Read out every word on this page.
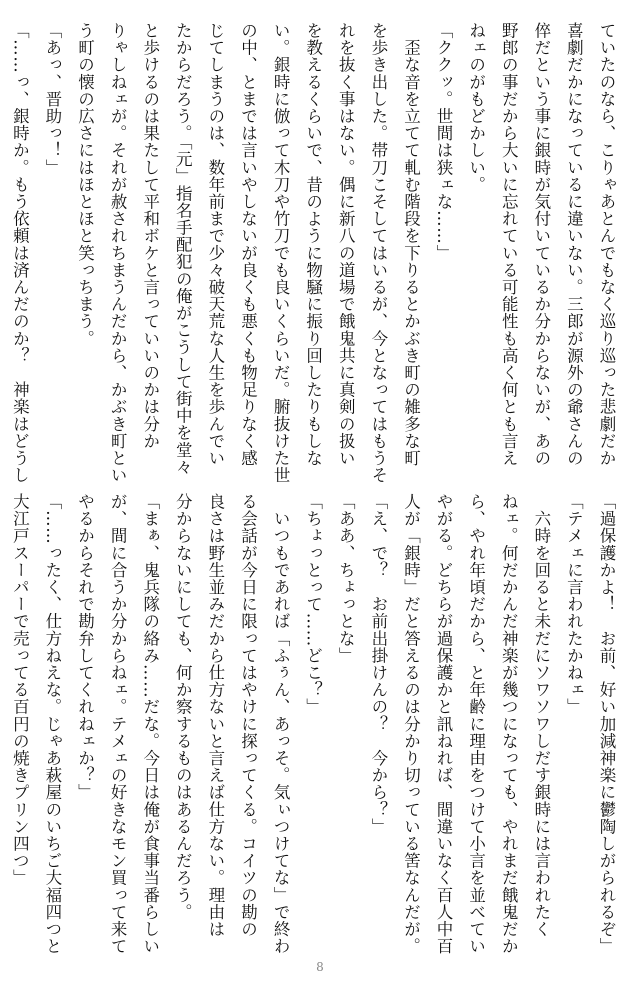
ていたのなら、こりゃあとんでもなく巡り巡った悲劇だか
喜劇だかになっているに違いない。三郎が源外の爺さんの
倅だという事に銀時が気付いているか分からないが、あの
野郎の事だから大いに忘れている可能性も高く何とも言え
ねェのがもどかしい。
「ククッ。世間は狭ェな……」
　歪な音を立てて軋む階段を下りるとかぶき町の雑多な町
を歩き出した。帯刀こそしてはいるが、今となってはもうそ
れを抜く事はない。偶に新八の道場で餓鬼共に真剣の扱い
を教えるくらいで、昔のように物騒に振り回したりもしな
い。銀時に倣って木刀や竹刀でも良いくらいだ。腑抜けた世
の中、とまでは言いやしないが良くも悪くも物足りなく感
じてしまうのは、数年前まで少々破天荒な人生を歩んでい
たからだろう。「元」指名手配犯の俺がこうして街中を堂々
と歩けるのは果たして平和ボケと言っていいのかは分か
りゃしねェが。それが赦されちまうんだから、かぶき町とい
う町の懐の広さにはほとほと笑っちまう。
「あっ、晋助っ！」
「……っ、銀時か。もう依頼は済んだのか？　神楽はどうし
「過保護かよ！　お前、好い加減神楽に鬱陶しがられるぞ」
「テメェに言われたかねェ」
　六時を回ると未だにソワソワしだす銀時には言われたく
ねェ。何だかんだ神楽が幾つになっても、やれまだ餓鬼だか
ら、やれ年頃だから、と年齢に理由をつけて小言を並べてい
やがる。どちらが過保護かと訊ねれば、間違いなく百人中百
人が「銀時」だと答えるのは分かり切っている筈なんだが。
「え、で？　お前出掛けんの？　今から？」
「ああ、ちょっとな」
「ちょっとって……どこ？」
　いつもであれば「ふぅん、あっそ。気ぃつけてな」で終わ
る会話が今日に限ってはやけに探ってくる。コイツの勘の
良さは野生並みだから仕方ないと言えば仕方ない。理由は
分からないにしても、何か察するものはあるんだろう。
「まぁ、鬼兵隊の絡み……だな。今日は俺が食事当番らしい
が、間に合うか分からねェ。テメェの好きなモン買って来て
やるからそれで勘弁してくれねェか？」
「……ったく、仕方ねえな。じゃあ萩屋のいちご大福四つと
大江戸スーパーで売ってる百円の焼きプリン四つ」
8
